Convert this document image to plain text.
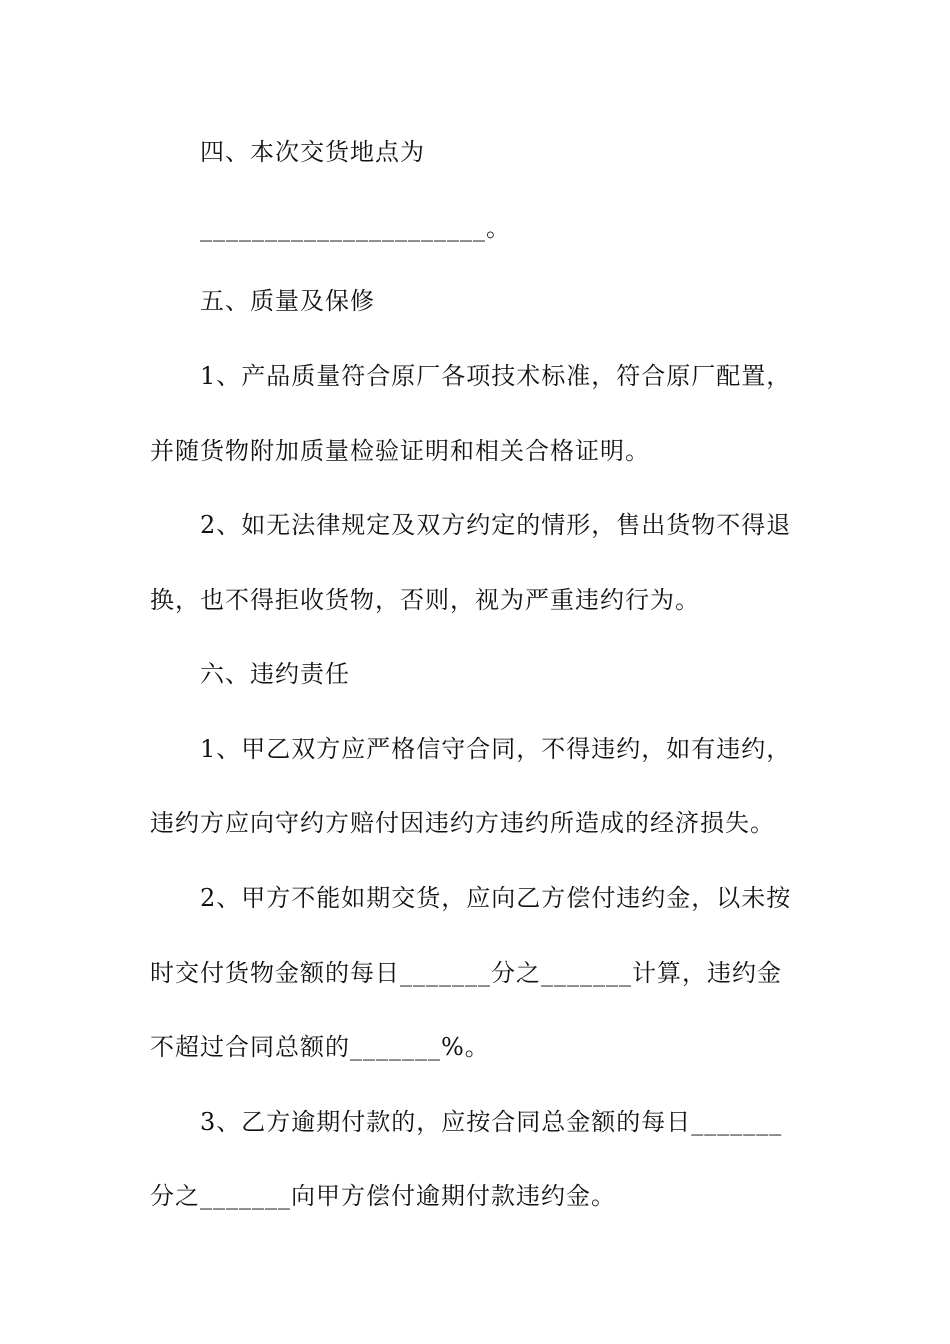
四、本次交货地点为
______________________。
五、质量及保修
1、产品质量符合原厂各项技术标准，符合原厂配置，
并随货物附加质量检验证明和相关合格证明。
2、如无法律规定及双方约定的情形，售出货物不得退
换，也不得拒收货物，否则，视为严重违约行为。
六、违约责任
1、甲乙双方应严格信守合同，不得违约，如有违约，
违约方应向守约方赔付因违约方违约所造成的经济损失。
2、甲方不能如期交货，应向乙方偿付违约金，以未按
时交付货物金额的每日_______分之_______计算，违约金
不超过合同总额的_______%。
3、乙方逾期付款的，应按合同总金额的每日_______
分之_______向甲方偿付逾期付款违约金。
